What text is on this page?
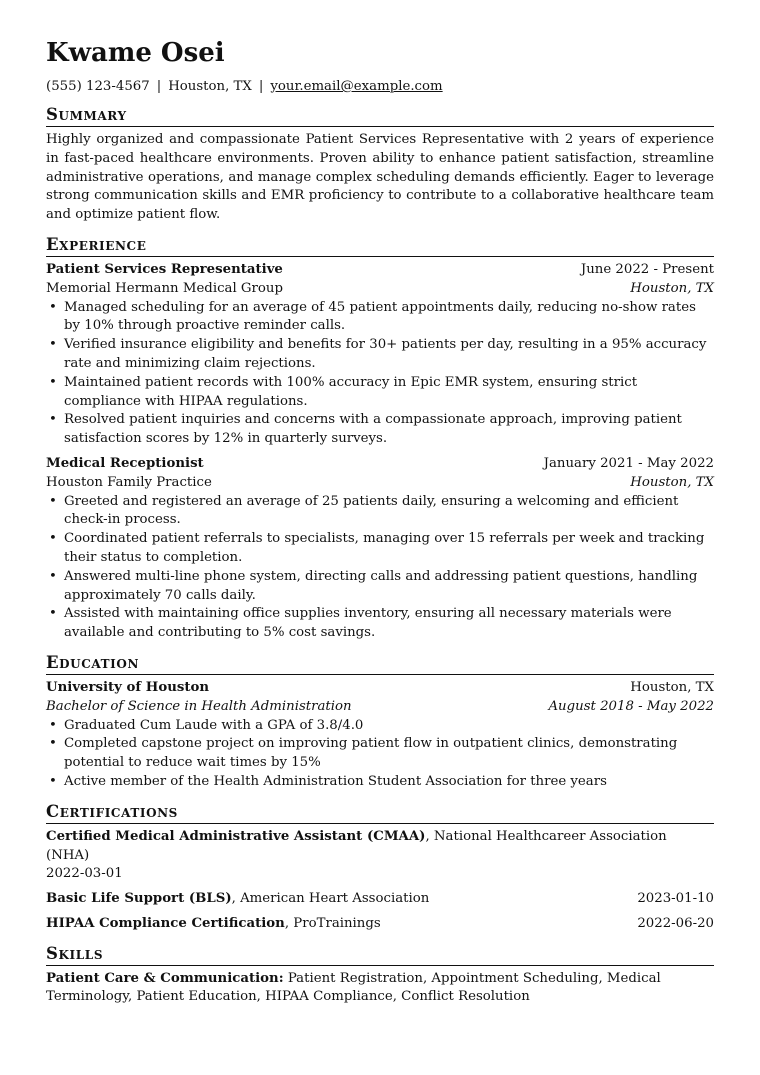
Kwame Osei
(555) 123-4567 | Houston, TX | your.email@example.com
Summary
Highly organized and compassionate Patient Services Representative with 2 years of experience in fast-paced healthcare environments. Proven ability to enhance patient satisfaction, streamline administrative operations, and manage complex scheduling demands efficiently. Eager to leverage strong communication skills and EMR proficiency to contribute to a collaborative healthcare team and optimize patient flow.
Experience
Patient Services Representative	June 2022 - Present
Memorial Hermann Medical Group	Houston, TX
• Managed scheduling for an average of 45 patient appointments daily, reducing no-show rates by 10% through proactive reminder calls.
• Verified insurance eligibility and benefits for 30+ patients per day, resulting in a 95% accuracy rate and minimizing claim rejections.
• Maintained patient records with 100% accuracy in Epic EMR system, ensuring strict compliance with HIPAA regulations.
• Resolved patient inquiries and concerns with a compassionate approach, improving patient satisfaction scores by 12% in quarterly surveys.
Medical Receptionist	January 2021 - May 2022
Houston Family Practice	Houston, TX
• Greeted and registered an average of 25 patients daily, ensuring a welcoming and efficient check-in process.
• Coordinated patient referrals to specialists, managing over 15 referrals per week and tracking their status to completion.
• Answered multi-line phone system, directing calls and addressing patient questions, handling approximately 70 calls daily.
• Assisted with maintaining office supplies inventory, ensuring all necessary materials were available and contributing to 5% cost savings.
Education
University of Houston	Houston, TX
Bachelor of Science in Health Administration	August 2018 - May 2022
• Graduated Cum Laude with a GPA of 3.8/4.0
• Completed capstone project on improving patient flow in outpatient clinics, demonstrating potential to reduce wait times by 15%
• Active member of the Health Administration Student Association for three years
Certifications
Certified Medical Administrative Assistant (CMAA), National Healthcareer Association (NHA)
2022-03-01
Basic Life Support (BLS), American Heart Association	2023-01-10
HIPAA Compliance Certification, ProTrainings	2022-06-20
Skills
Patient Care & Communication: Patient Registration, Appointment Scheduling, Medical Terminology, Patient Education, HIPAA Compliance, Conflict Resolution
